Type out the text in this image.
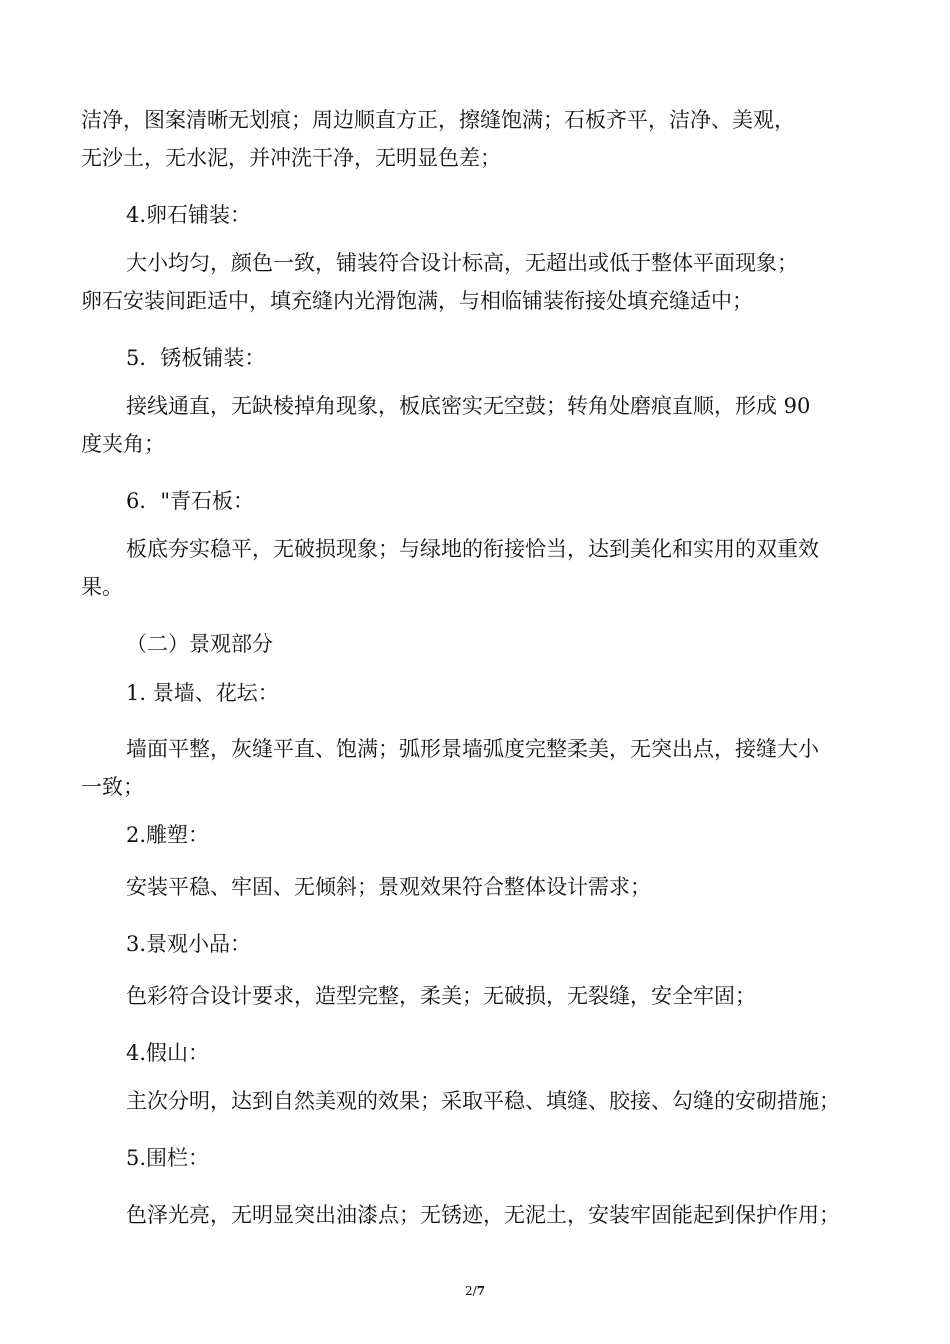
洁净，图案清晰无划痕；周边顺直方正，擦缝饱满；石板齐平，洁净、美观，
无沙土，无水泥，并冲洗干净，无明显色差；
4.卵石铺装：
大小均匀，颜色一致，铺装符合设计标高，无超出或低于整体平面现象；
卵石安装间距适中，填充缝内光滑饱满，与相临铺装衔接处填充缝适中；
5．锈板铺装：
接线通直，无缺棱掉角现象，板底密实无空鼓；转角处磨痕直顺，形成 90
度夹角；
6．"青石板：
板底夯实稳平，无破损现象；与绿地的衔接恰当，达到美化和实用的双重效
果。
（二）景观部分
1. 景墙、花坛：
墙面平整，灰缝平直、饱满；弧形景墙弧度完整柔美，无突出点，接缝大小
一致；
2.雕塑：
安装平稳、牢固、无倾斜；景观效果符合整体设计需求；
3.景观小品：
色彩符合设计要求，造型完整，柔美；无破损，无裂缝，安全牢固；
4.假山：
主次分明，达到自然美观的效果；采取平稳、填缝、胶接、勾缝的安砌措施；
5.围栏：
色泽光亮，无明显突出油漆点；无锈迹，无泥土，安装牢固能起到保护作用；
2/7
